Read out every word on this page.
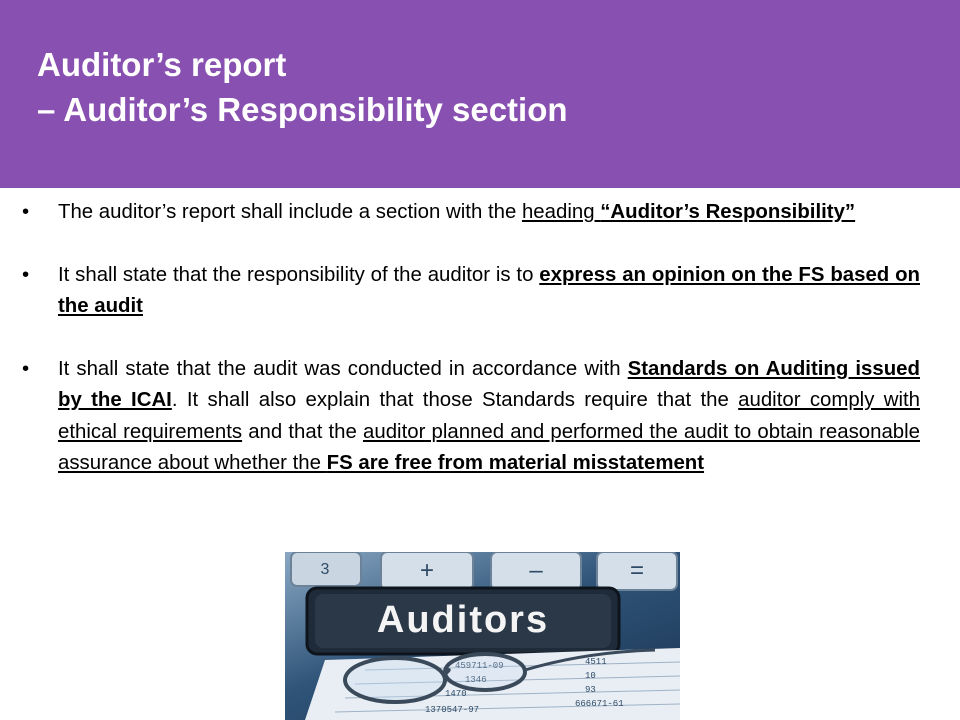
Auditor’s report
– Auditor’s Responsibility section

• The auditor’s report shall include a section with the heading “Auditor’s Responsibility”

• It shall state that the responsibility of the auditor is to express an opinion on the FS based on the audit

• It shall state that the audit was conducted in accordance with Standards on Auditing issued by the ICAI. It shall also explain that those Standards require that the auditor comply with ethical requirements and that the auditor planned and performed the audit to obtain reasonable assurance about whether the FS are free from material misstatement

3	+	–	=
Auditors
4511
10
1470	93
1370547-97
666671-61
